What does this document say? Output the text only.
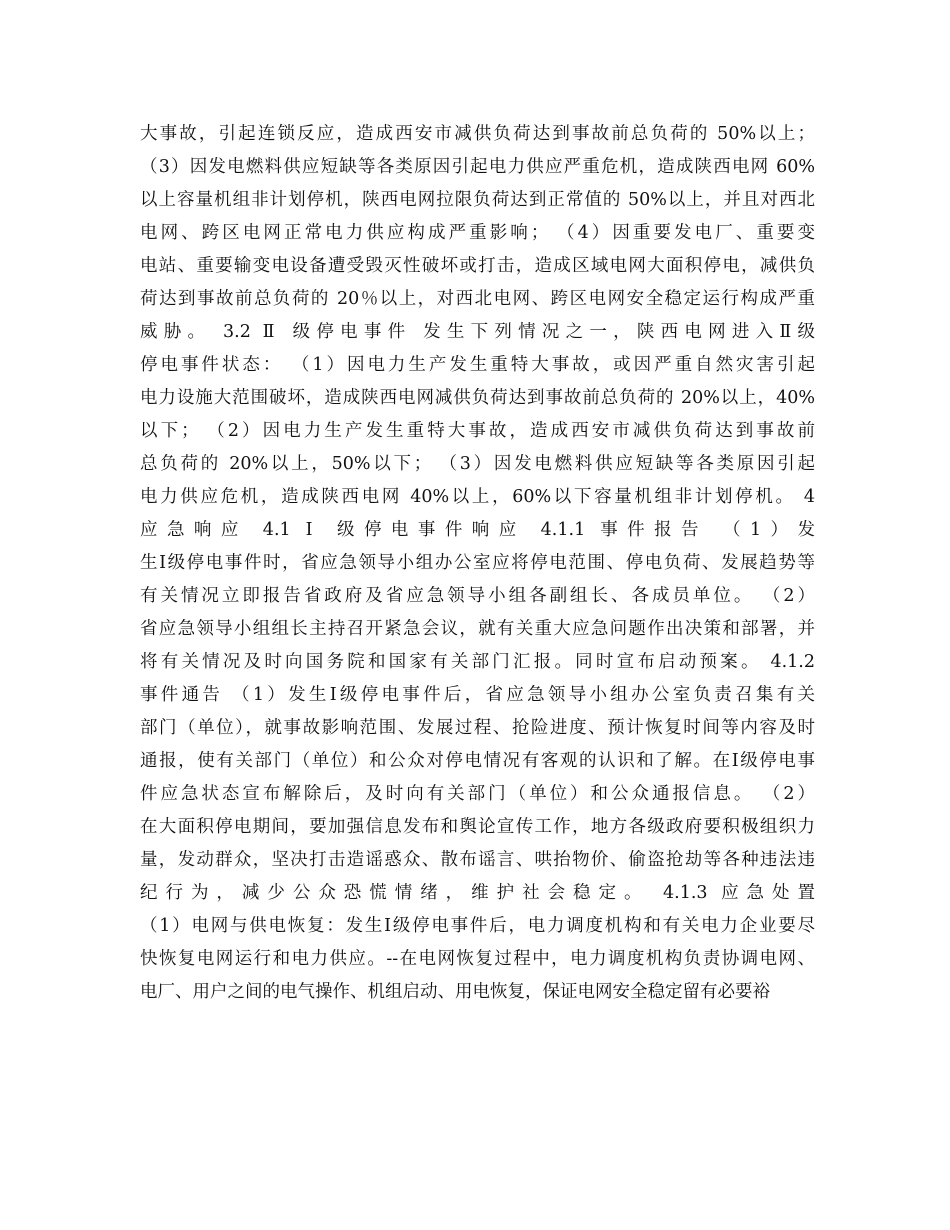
大事故，引起连锁反应，造成西安市减供负荷达到事故前总负荷的 50%以上；
（3）因发电燃料供应短缺等各类原因引起电力供应严重危机，造成陕西电网 60%
以上容量机组非计划停机，陕西电网拉限负荷达到正常值的 50%以上，并且对西北
电网、跨区电网正常电力供应构成严重影响； （4）因重要发电厂、重要变
电站、重要输变电设备遭受毁灭性破坏或打击，造成区域电网大面积停电，减供负
荷达到事故前总负荷的 20％以上，对西北电网、跨区电网安全稳定运行构成严重
威胁。 3.2 Ⅱ 级停电事件 发生下列情况之一，陕西电网进入Ⅱ级
停电事件状态： （1）因电力生产发生重特大事故，或因严重自然灾害引起
电力设施大范围破坏，造成陕西电网减供负荷达到事故前总负荷的 20%以上，40%
以下； （2）因电力生产发生重特大事故，造成西安市减供负荷达到事故前
总负荷的 20%以上，50%以下； （3）因发电燃料供应短缺等各类原因引起
电力供应危机，造成陕西电网 40%以上，60%以下容量机组非计划停机。 4
应急响应 4.1 Ⅰ 级停电事件响应 4.1.1 事件报告 （1）发
生Ⅰ级停电事件时，省应急领导小组办公室应将停电范围、停电负荷、发展趋势等
有关情况立即报告省政府及省应急领导小组各副组长、各成员单位。 （2）
省应急领导小组组长主持召开紧急会议，就有关重大应急问题作出决策和部署，并
将有关情况及时向国务院和国家有关部门汇报。同时宣布启动预案。 4.1.2
事件通告 （1）发生Ⅰ级停电事件后，省应急领导小组办公室负责召集有关
部门（单位），就事故影响范围、发展过程、抢险进度、预计恢复时间等内容及时
通报，使有关部门（单位）和公众对停电情况有客观的认识和了解。在Ⅰ级停电事
件应急状态宣布解除后，及时向有关部门（单位）和公众通报信息。 （2）
在大面积停电期间，要加强信息发布和舆论宣传工作，地方各级政府要积极组织力
量，发动群众，坚决打击造谣惑众、散布谣言、哄抬物价、偷盗抢劫等各种违法违
纪行为，减少公众恐慌情绪，维护社会稳定。 4.1.3 应急处置
（1）电网与供电恢复：发生Ⅰ级停电事件后，电力调度机构和有关电力企业要尽
快恢复电网运行和电力供应。--在电网恢复过程中，电力调度机构负责协调电网、
电厂、用户之间的电气操作、机组启动、用电恢复，保证电网安全稳定留有必要裕
